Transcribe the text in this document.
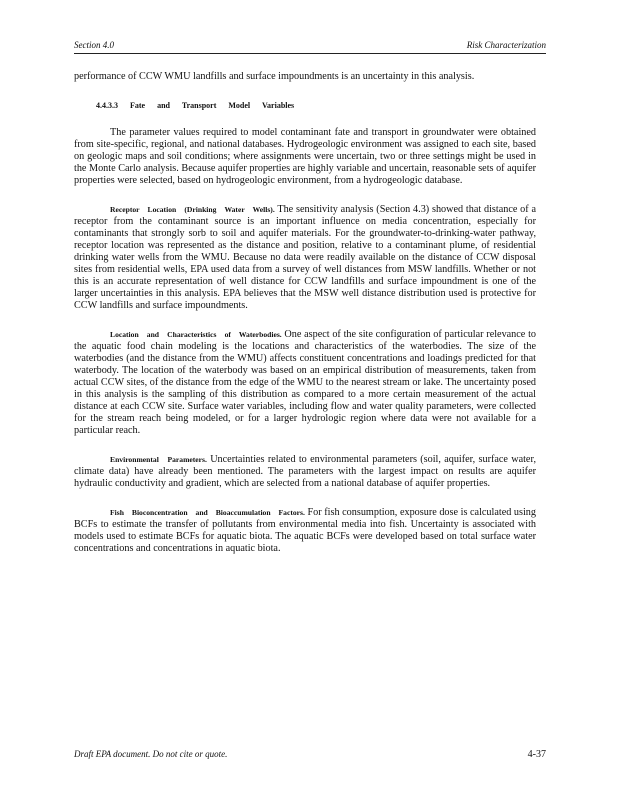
Section 4.0	Risk Characterization

performance of CCW WMU landfills and surface impoundments is an uncertainty in this analysis.

4.4.3.3 Fate and Transport Model Variables

The parameter values required to model contaminant fate and transport in groundwater were obtained from site-specific, regional, and national databases. Hydrogeologic environment was assigned to each site, based on geologic maps and soil conditions; where assignments were uncertain, two or three settings might be used in the Monte Carlo analysis. Because aquifer properties are highly variable and uncertain, reasonable sets of aquifer properties were selected, based on hydrogeologic environment, from a hydrogeologic database.

Receptor Location (Drinking Water Wells). The sensitivity analysis (Section 4.3) showed that distance of a receptor from the contaminant source is an important influence on media concentration, especially for contaminants that strongly sorb to soil and aquifer materials. For the groundwater-to-drinking-water pathway, receptor location was represented as the distance and position, relative to a contaminant plume, of residential drinking water wells from the WMU. Because no data were readily available on the distance of CCW disposal sites from residential wells, EPA used data from a survey of well distances from MSW landfills. Whether or not this is an accurate representation of well distance for CCW landfills and surface impoundment is one of the larger uncertainties in this analysis. EPA believes that the MSW well distance distribution used is protective for CCW landfills and surface impoundments.

Location and Characteristics of Waterbodies. One aspect of the site configuration of particular relevance to the aquatic food chain modeling is the locations and characteristics of the waterbodies. The size of the waterbodies (and the distance from the WMU) affects constituent concentrations and loadings predicted for that waterbody. The location of the waterbody was based on an empirical distribution of measurements, taken from actual CCW sites, of the distance from the edge of the WMU to the nearest stream or lake. The uncertainty posed in this analysis is the sampling of this distribution as compared to a more certain measurement of the actual distance at each CCW site. Surface water variables, including flow and water quality parameters, were collected for the stream reach being modeled, or for a larger hydrologic region where data were not available for a particular reach.

Environmental Parameters. Uncertainties related to environmental parameters (soil, aquifer, surface water, climate data) have already been mentioned. The parameters with the largest impact on results are aquifer hydraulic conductivity and gradient, which are selected from a national database of aquifer properties.

Fish Bioconcentration and Bioaccumulation Factors. For fish consumption, exposure dose is calculated using BCFs to estimate the transfer of pollutants from environmental media into fish. Uncertainty is associated with models used to estimate BCFs for aquatic biota. The aquatic BCFs were developed based on total surface water concentrations and concentrations in aquatic biota.

Draft EPA document. Do not cite or quote.	4-37
